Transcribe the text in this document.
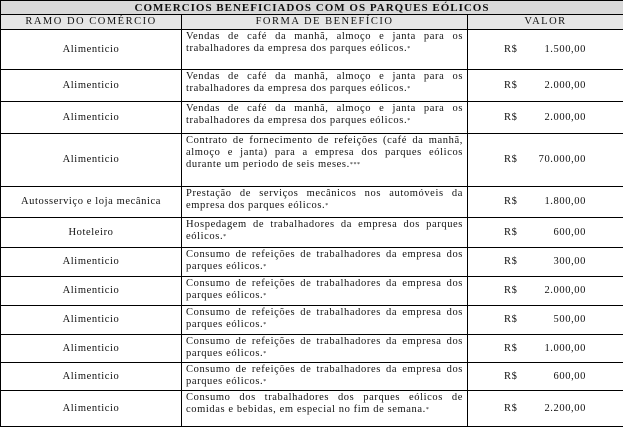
COMERCIOS BENEFICIADOS COM OS PARQUES EÓLICOS		
RAMO DO COMÉRCIO	FORMA DE BENEFÍCIO	VALOR
Alimenticio	Vendas de café da manhã, almoço e janta para os trabalhadores da empresa dos parques eólicos.*	R$ 1.500,00

Alimenticio	Vendas de café da manhã, almoço e janta para os trabalhadores da empresa dos parques eólicos.*	R$ 2.000,00

Alimenticio	Vendas de café da manhã, almoço e janta para os trabalhadores da empresa dos parques eólicos.*	R$ 2.000,00

Alimenticio	Contrato de fornecimento de refeições (café da manhã, almoço e janta) para a empresa dos parques eólicos durante um periodo de seis meses.***	R$ 70.000,00

Autosserviço e loja mecânica	Prestação de serviços mecânicos nos automóveis da empresa dos parques eólicos.*	R$ 1.800,00

Hoteleiro	Hospedagem de trabalhadores da empresa dos parques eólicos.*	R$ 600,00

Alimenticio	Consumo de refeições de trabalhadores da empresa dos parques eólicos.*	R$ 300,00

Alimenticio	Consumo de refeições de trabalhadores da empresa dos parques eólicos.*	R$ 2.000,00

Alimenticio	Consumo de refeições de trabalhadores da empresa dos parques eólicos.*	R$ 500,00

Alimenticio	Consumo de refeições de trabalhadores da empresa dos parques eólicos.*	R$ 1.000,00

Alimenticio	Consumo de refeições de trabalhadores da empresa dos parques eólicos.*	R$ 600,00

Alimenticio	Consumo dos trabalhadores dos parques eólicos de comidas e bebidas, em especial no fim de semana.*	R$ 2.200,00
